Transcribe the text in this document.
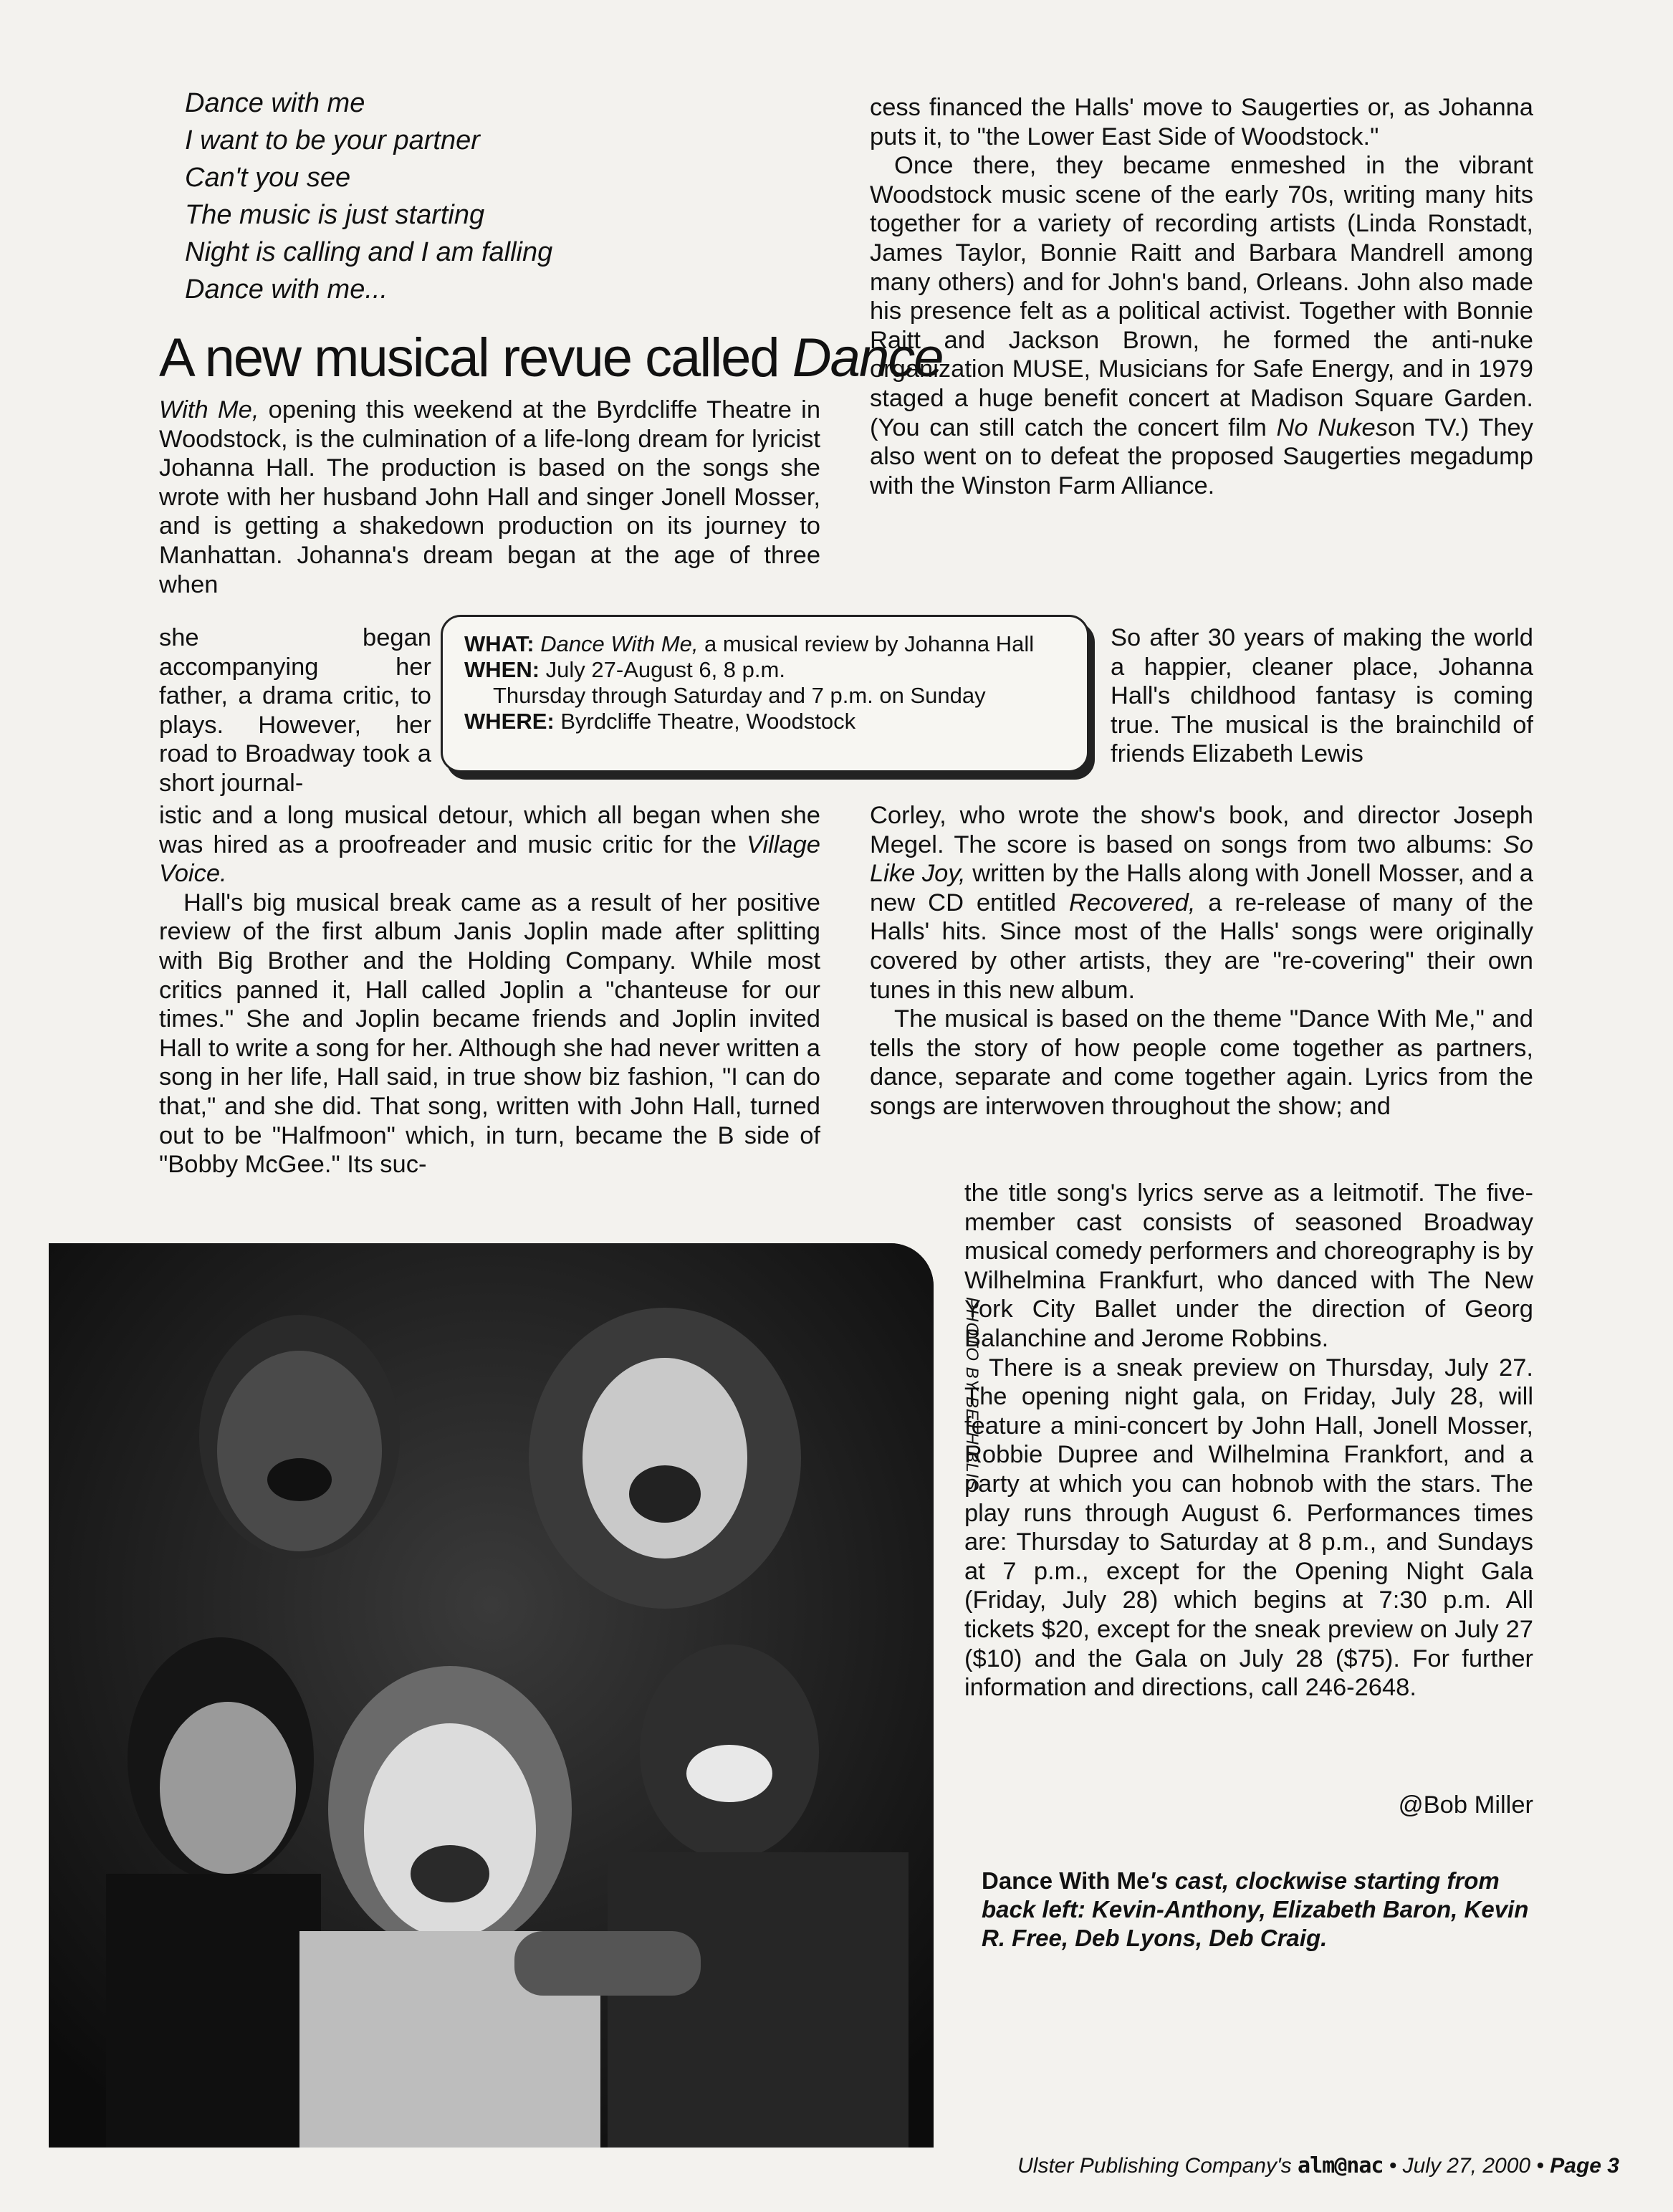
Dance with me
I want to be your partner
Can't you see
The music is just starting
Night is calling and I am falling
Dance with me...
A new musical revue called Dance

With Me, opening this weekend at the Byrdcliffe Theatre in Woodstock, is the culmination of a life-long dream for lyricist Johanna Hall. The production is based on the songs she wrote with her husband John Hall and singer Jonell Mosser, and is getting a shakedown production on its journey to Manhattan. Johanna's dream began at the age of three when

she began accompanying her father, a drama critic, to plays. However, her road to Broadway took a short journal-
So after 30 years of making the world a happier, cleaner place, Johanna Hall's childhood fantasy is coming true. The musical is the brainchild of friends Elizabeth Lewis
WHAT: Dance With Me, a musical review by Johanna Hall
WHEN: July 27-August 6, 8 p.m.
Thursday through Saturday and 7 p.m. on Sunday
WHERE: Byrdcliffe Theatre, Woodstock

istic and a long musical detour, which all began when she was hired as a proofreader and music critic for the Village Voice.

Hall's big musical break came as a result of her positive review of the first album Janis Joplin made after splitting with Big Brother and the Holding Company. While most critics panned it, Hall called Joplin a "chanteuse for our times." She and Joplin became friends and Joplin invited Hall to write a song for her. Although she had never written a song in her life, Hall said, in true show biz fashion, "I can do that," and she did. That song, written with John Hall, turned out to be "Halfmoon" which, in turn, became the B side of "Bobby McGee." Its suc-

cess financed the Halls' move to Saugerties or, as Johanna puts it, to "the Lower East Side of Woodstock."

Once there, they became enmeshed in the vibrant Woodstock music scene of the early 70s, writing many hits together for a variety of recording artists (Linda Ronstadt, James Taylor, Bonnie Raitt and Barbara Mandrell among many others) and for John's band, Orleans. John also made his presence felt as a political activist. Together with Bonnie Raitt and Jackson Brown, he formed the anti-nuke organization MUSE, Musicians for Safe Energy, and in 1979 staged a huge benefit concert at Madison Square Garden. (You can still catch the concert film No Nukeson TV.) They also went on to defeat the proposed Saugerties megadump with the Winston Farm Alliance.

Corley, who wrote the show's book, and director Joseph Megel. The score is based on songs from two albums: So Like Joy, written by the Halls along with Jonell Mosser, and a new CD entitled Recovered, a re-release of many of the Halls' hits. Since most of the Halls' songs were originally covered by other artists, they are "re-covering" their own tunes in this new album.

The musical is based on the theme "Dance With Me," and tells the story of how people come together as partners, dance, separate and come together again. Lyrics from the songs are interwoven throughout the show; and

the title song's lyrics serve as a leitmotif. The five-member cast consists of seasoned Broadway musical comedy performers and choreography is by Wilhelmina Frankfurt, who danced with The New York City Ballet under the direction of Georg Balanchine and Jerome Robbins.

There is a sneak preview on Thursday, July 27. The opening night gala, on Friday, July 28, will feature a mini-concert by John Hall, Jonell Mosser, Robbie Dupree and Wilhelmina Frankfort, and a party at which you can hobnob with the stars. The play runs through August 6. Performances times are: Thursday to Saturday at 8 p.m., and Sundays at 7 p.m., except for the Opening Night Gala (Friday, July 28) which begins at 7:30 p.m. All tickets $20, except for the sneak preview on July 27 ($10) and the Gala on July 28 ($75). For further information and directions, call 246-2648.

@Bob Miller
PHOTO BY BETH BLIS
Dance With Me's cast, clockwise starting from back left: Kevin-Anthony, Elizabeth Baron, Kevin R. Free, Deb Lyons, Deb Craig.
Ulster Publishing Company's alm@nac • July 27, 2000 • Page 3
